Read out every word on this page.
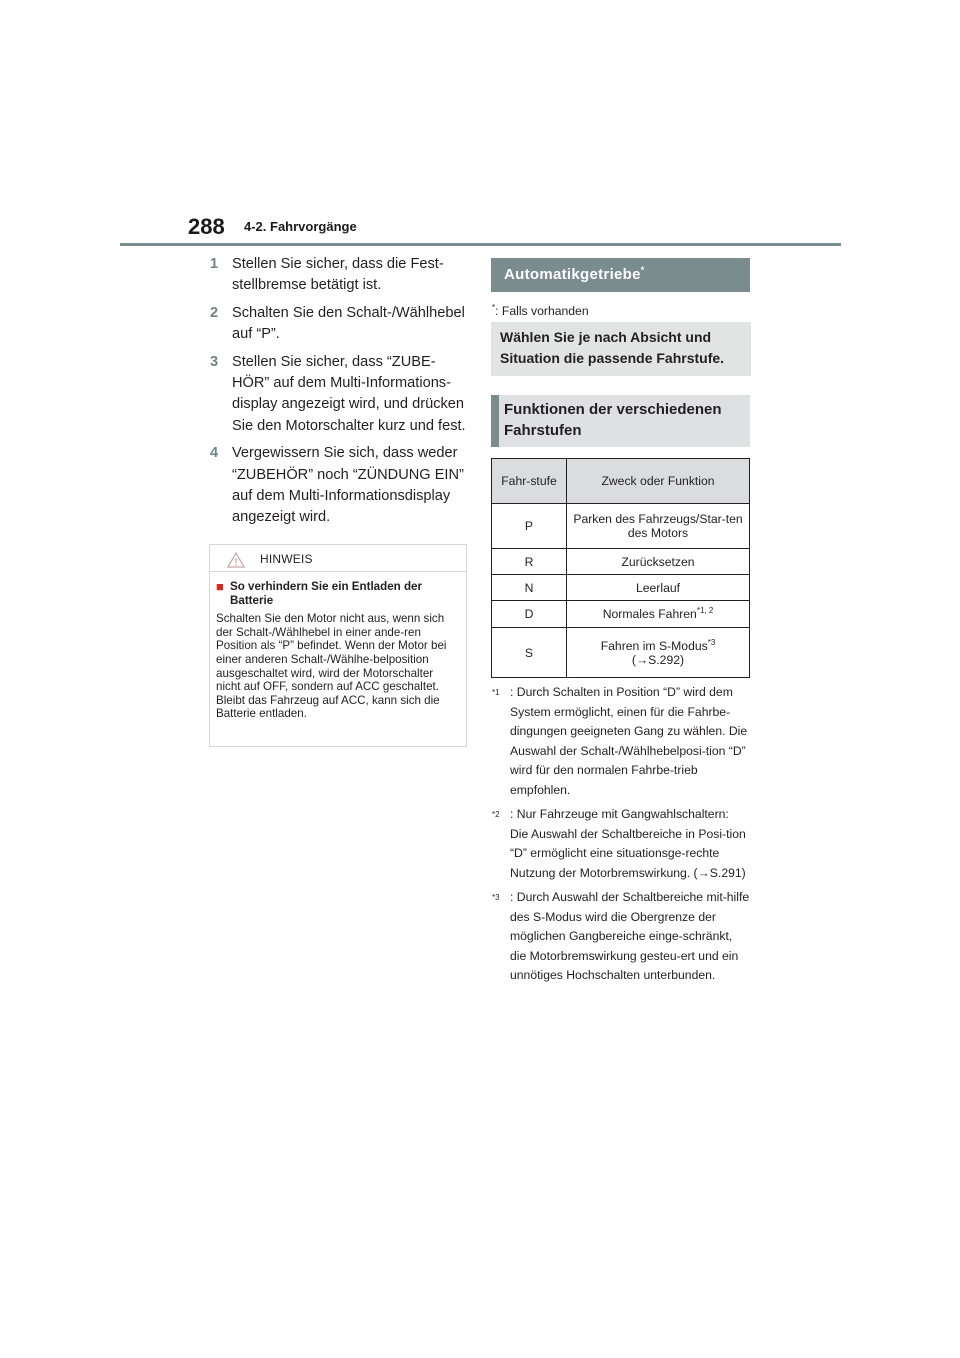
288 4-2. Fahrvorgänge
1 Stellen Sie sicher, dass die Fest-stellbremse betätigt ist.
2 Schalten Sie den Schalt-/Wählhebel auf “P”.
3 Stellen Sie sicher, dass “ZUBE-HÖR” auf dem Multi-Informations-display angezeigt wird, und drücken Sie den Motorschalter kurz und fest.
4 Vergewissern Sie sich, dass weder “ZUBEHÖR” noch “ZÜNDUNG EIN” auf dem Multi-Informationsdisplay angezeigt wird.
HINWEIS
■ So verhindern Sie ein Entladen der Batterie
Schalten Sie den Motor nicht aus, wenn sich der Schalt-/Wählhebel in einer ande-ren Position als “P” befindet. Wenn der Motor bei einer anderen Schalt-/Wählhe-belposition ausgeschaltet wird, wird der Motorschalter nicht auf OFF, sondern auf ACC geschaltet. Bleibt das Fahrzeug auf ACC, kann sich die Batterie entladen.
Automatikgetriebe*
*: Falls vorhanden
Wählen Sie je nach Absicht und Situation die passende Fahrstufe.
Funktionen der verschiedenen Fahrstufen
Fahr-stufe	Zweck oder Funktion
P	Parken des Fahrzeugs/Star-ten des Motors
R	Zurücksetzen
N	Leerlauf
D	Normales Fahren$^{*1, 2}$
S	Fahren im S-Modus$^{*3}$
(→S.292)
$^{*1}$ : Durch Schalten in Position “D” wird dem System ermöglicht, einen für die Fahrbe-dingungen geeigneten Gang zu wählen. Die Auswahl der Schalt-/Wählhebelposi-tion “D” wird für den normalen Fahrbe-trieb empfohlen.
$^{*2}$ : Nur Fahrzeuge mit Gangwahlschaltern: Die Auswahl der Schaltbereiche in Posi-tion “D” ermöglicht eine situationsge-rechte Nutzung der Motorbremswirkung. (→S.291)
$^{*3}$ : Durch Auswahl der Schaltbereiche mit-hilfe des S-Modus wird die Obergrenze der möglichen Gangbereiche einge-schränkt, die Motorbremswirkung gesteu-ert und ein unnötiges Hochschalten unterbunden.
